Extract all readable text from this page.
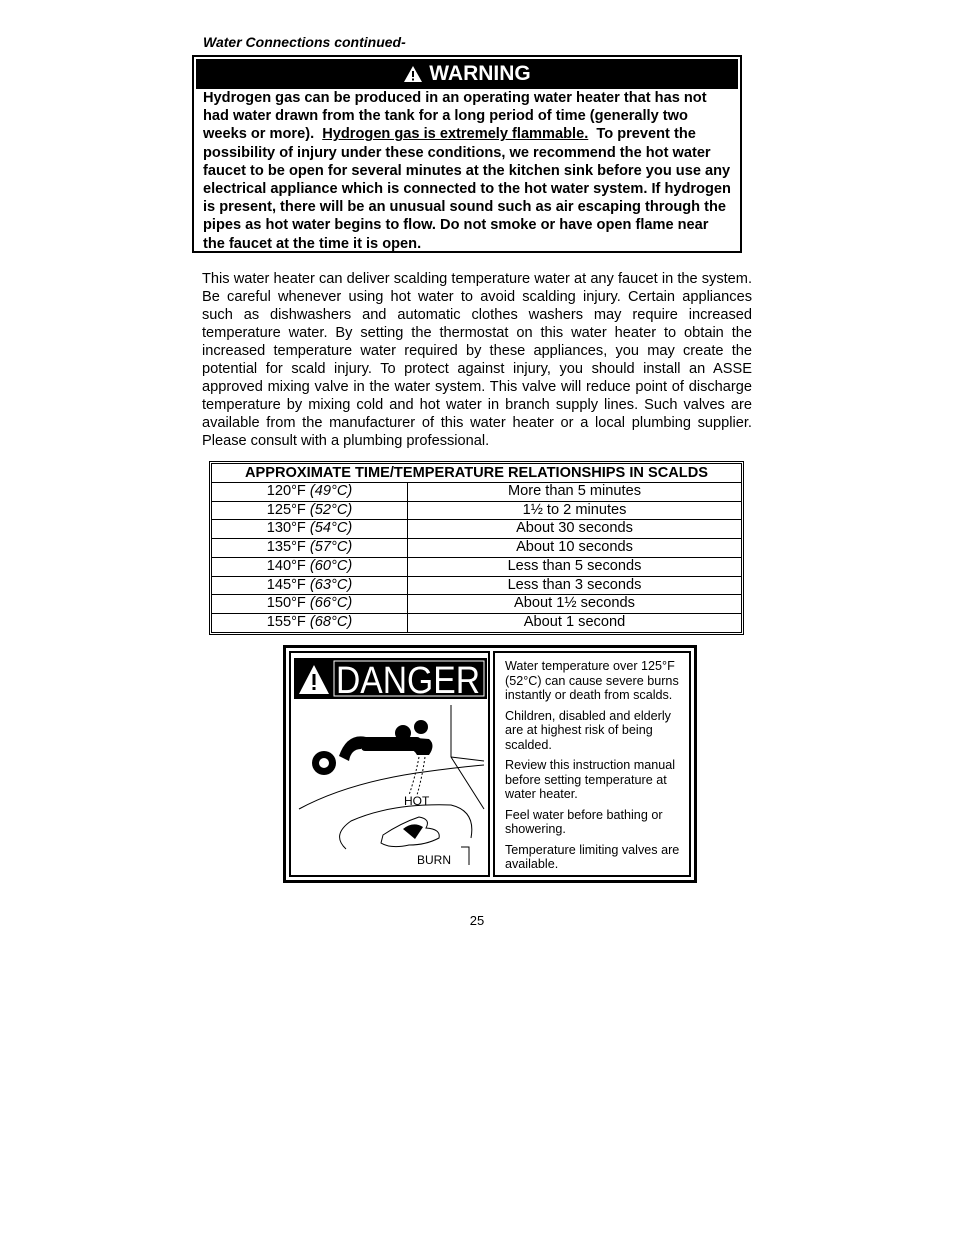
Water Connections continued-
WARNING
Hydrogen gas can be produced in an operating water heater that has not had water drawn from the tank for a long period of time (generally two weeks or more). Hydrogen gas is extremely flammable. To prevent the possibility of injury under these conditions, we recommend the hot water faucet to be open for several minutes at the kitchen sink before you use any electrical appliance which is connected to the hot water system. If hydrogen is present, there will be an unusual sound such as air escaping through the pipes as hot water begins to flow. Do not smoke or have open flame near the faucet at the time it is open.
This water heater can deliver scalding temperature water at any faucet in the system. Be careful whenever using hot water to avoid scalding injury. Certain appliances such as dishwashers and automatic clothes washers may require increased temperature water. By setting the thermostat on this water heater to obtain the increased temperature water required by these appliances, you may create the potential for scald injury. To protect against injury, you should install an ASSE approved mixing valve in the water system. This valve will reduce point of discharge temperature by mixing cold and hot water in branch supply lines. Such valves are available from the manufacturer of this water heater or a local plumbing supplier. Please consult with a plumbing professional.
APPROXIMATE TIME/TEMPERATURE RELATIONSHIPS IN SCALDS	
120°F (49°C)	More than 5 minutes
125°F (52°C)	1½ to 2 minutes
130°F (54°C)	About 30 seconds
135°F (57°C)	About 10 seconds
140°F (60°C)	Less than 5 seconds
145°F (63°C)	Less than 3 seconds
150°F (66°C)	About 1½ seconds
155°F (68°C)	About 1 second
DANGER
HOT
BURN

Water temperature over 125°F (52°C) can cause severe burns instantly or death from scalds.

Children, disabled and elderly are at highest risk of being scalded.

Review this instruction manual before setting temperature at water heater.

Feel water before bathing or showering.

Temperature limiting valves are available.

25
